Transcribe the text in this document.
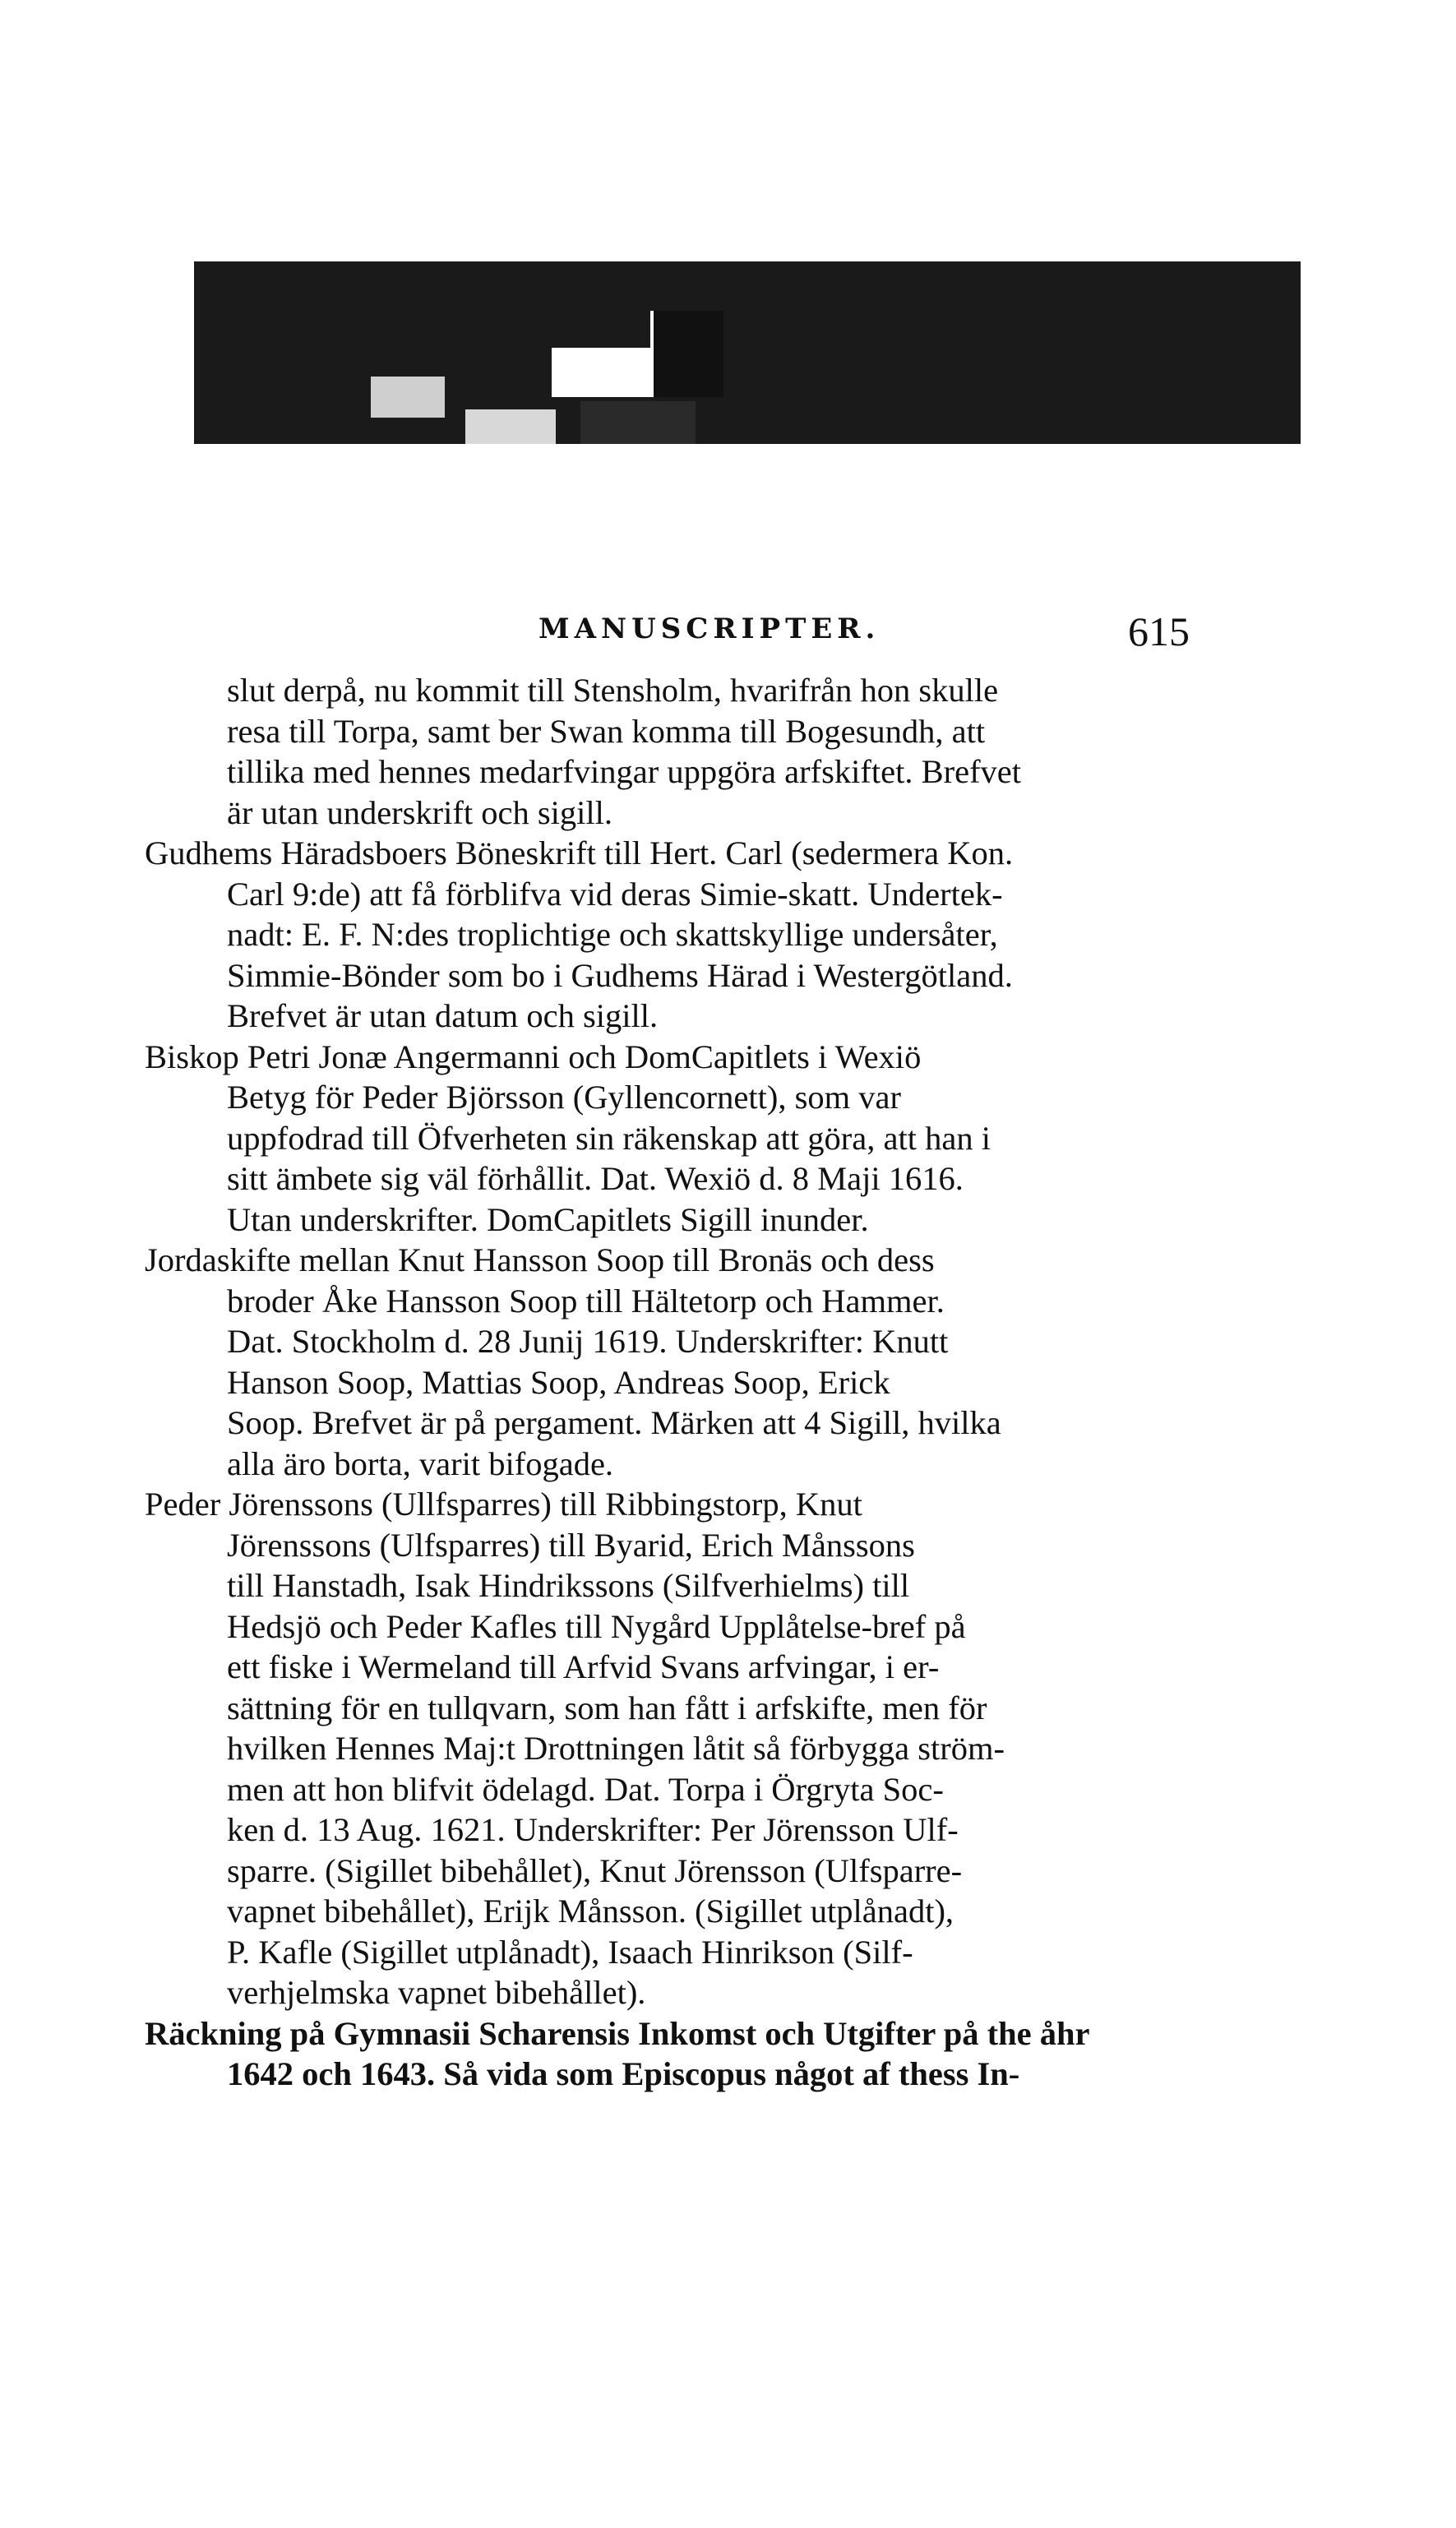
MANUSCRIPTER.	615
slut derpå, nu kommit till Stensholm, hvarifrån hon skulle
resa till Torpa, samt ber Swan komma till Bogesundh, att
tillika med hennes medarfvingar uppgöra arfskiftet. Brefvet
är utan underskrift och sigill.
Gudhems Häradsboers Böneskrift till Hert. Carl (sedermera Kon.
Carl 9:de) att få förblifva vid deras Simie-skatt. Undertek-
nadt: E. F. N:des troplichtige och skattskyllige undersåter,
Simmie-Bönder som bo i Gudhems Härad i Westergötland.
Brefvet är utan datum och sigill.
Biskop Petri Jonæ Angermanni och DomCapitlets i Wexiö
Betyg för Peder Björsson (Gyllencornett), som var
uppfodrad till Öfverheten sin räkenskap att göra, att han i
sitt ämbete sig väl förhållit. Dat. Wexiö d. 8 Maji 1616.
Utan underskrifter. DomCapitlets Sigill inunder.
Jordaskifte mellan Knut Hansson Soop till Bronäs och dess
broder Åke Hansson Soop till Hältetorp och Hammer.
Dat. Stockholm d. 28 Junij 1619. Underskrifter: Knutt
Hanson Soop, Mattias Soop, Andreas Soop, Erick
Soop. Brefvet är på pergament. Märken att 4 Sigill, hvilka
alla äro borta, varit bifogade.
Peder Jörenssons (Ullfsparres) till Ribbingstorp, Knut
Jörenssons (Ulfsparres) till Byarid, Erich Månssons
till Hanstadh, Isak Hindrikssons (Silfverhielms) till
Hedsjö och Peder Kafles till Nygård Upplåtelse-bref på
ett fiske i Wermeland till Arfvid Svans arfvingar, i er-
sättning för en tullqvarn, som han fått i arfskifte, men för
hvilken Hennes Maj:t Drottningen låtit så förbygga ström-
men att hon blifvit ödelagd. Dat. Torpa i Örgryta Soc-
ken d. 13 Aug. 1621. Underskrifter: Per Jörensson Ulf-
sparre. (Sigillet bibehållet), Knut Jörensson (Ulfsparre-
vapnet bibehållet), Erijk Månsson. (Sigillet utplånadt),
P. Kafle (Sigillet utplånadt), Isaach Hinrikson (Silf-
verhjelmska vapnet bibehållet).
Räckning på Gymnasii Scharensis Inkomst och Utgifter på the åhr
1642 och 1643. Så vida som Episcopus något af thess In-
